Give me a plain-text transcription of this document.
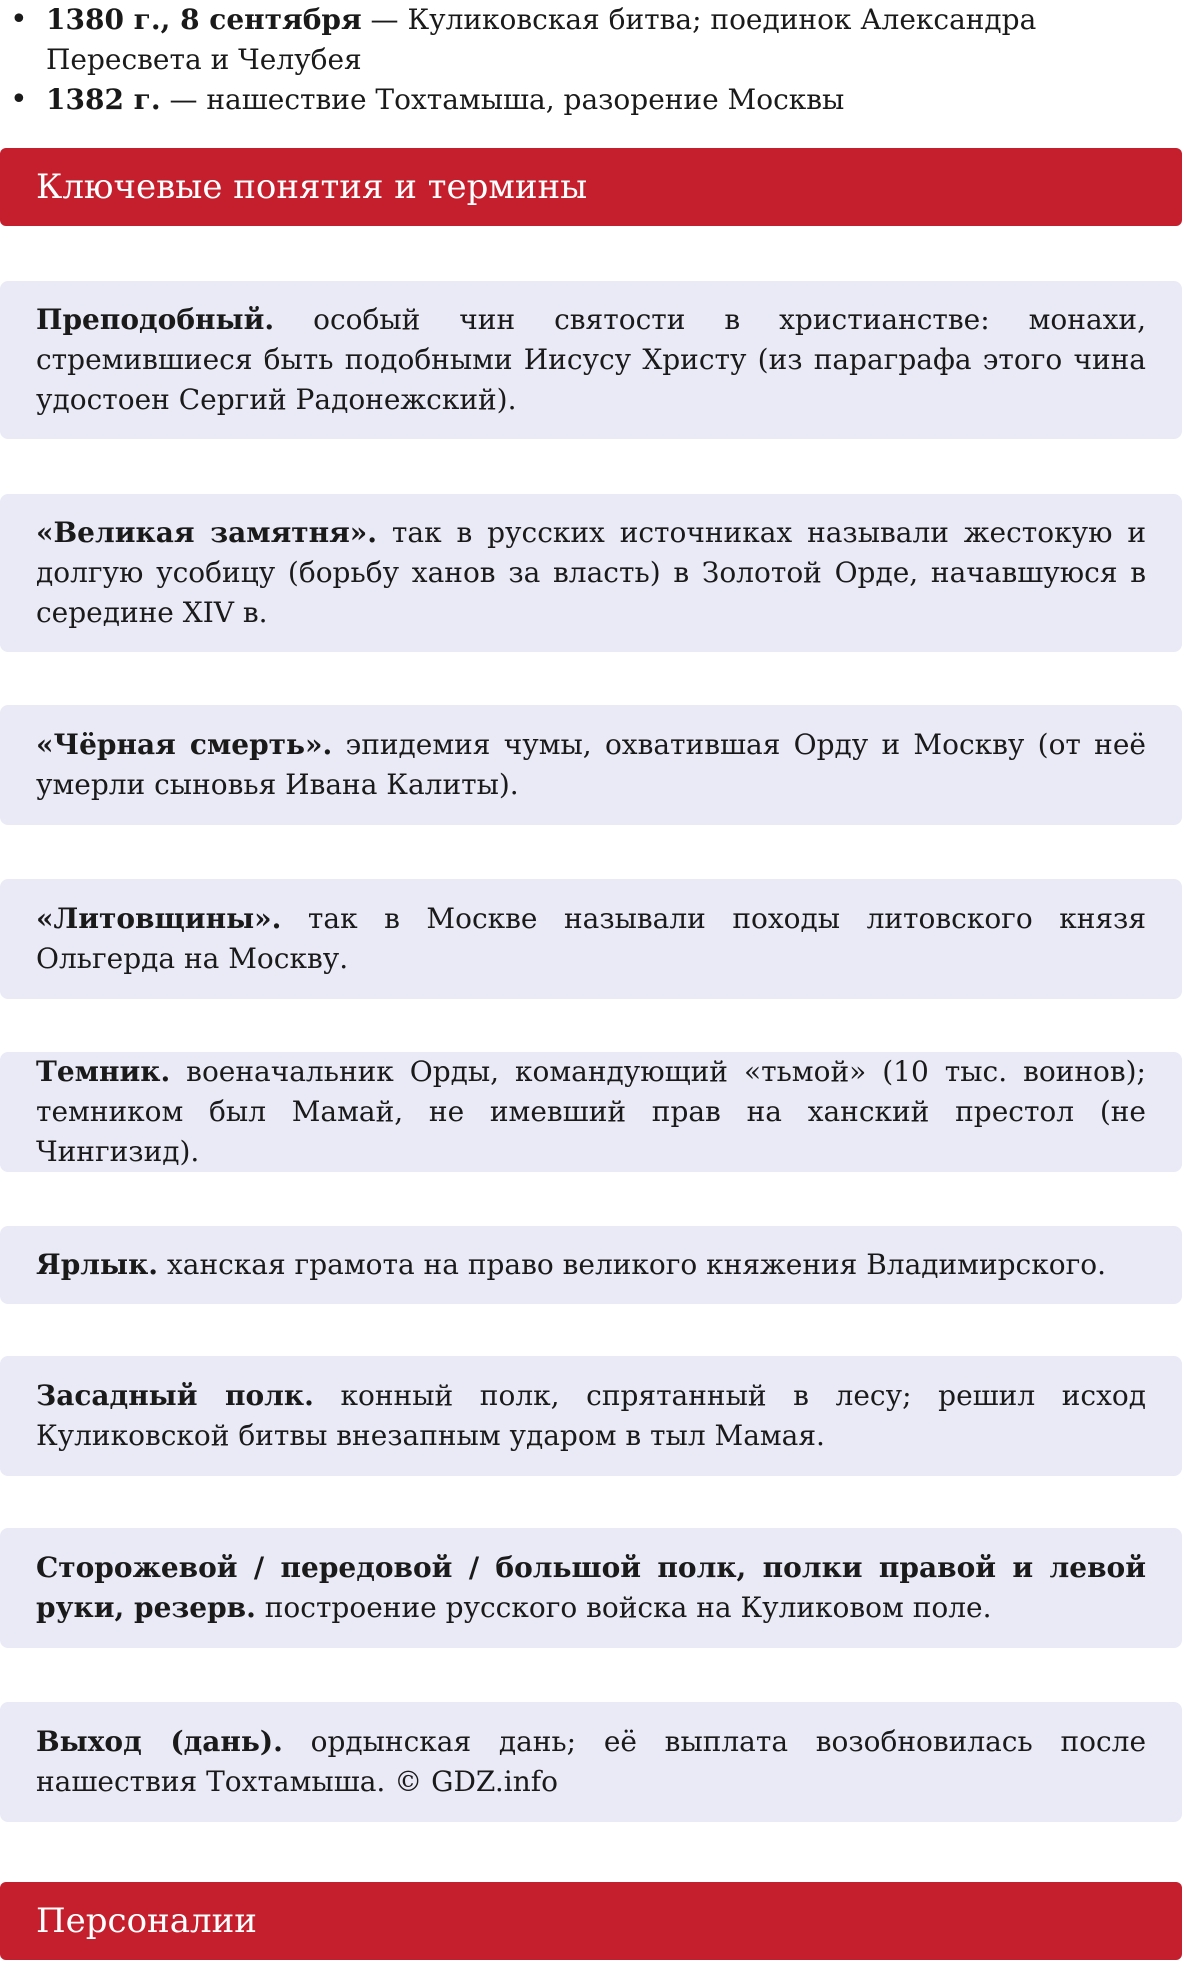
• 1380 г., 8 сентября — Куликовская битва; поединок Александра Пересвета и Челубея
• 1382 г. — нашествие Тохтамыша, разорение Москвы
Ключевые понятия и термины

Преподобный. особый чин святости в христианстве: монахи, стремившиеся быть подобными Иисусу Христу (из параграфа этого чина удостоен Сергий Радонежский).

«Великая замятня». так в русских источниках называли жестокую и долгую усобицу (борьбу ханов за власть) в Золотой Орде, начавшуюся в середине XIV в.

«Чёрная смерть». эпидемия чумы, охватившая Орду и Москву (от неё умерли сыновья Ивана Калиты).

«Литовщины». так в Москве называли походы литовского князя Ольгерда на Москву.

Темник. военачальник Орды, командующий «тьмой» (10 тыс. воинов); темником был Мамай, не имевший прав на ханский престол (не Чингизид).

Ярлык. ханская грамота на право великого княжения Владимирского.

Засадный полк. конный полк, спрятанный в лесу; решил исход Куликовской битвы внезапным ударом в тыл Мамая.

Сторожевой / передовой / большой полк, полки правой и левой руки, резерв. построение русского войска на Куликовом поле.

Выход (дань). ордынская дань; её выплата возобновилась после нашествия Тохтамыша. © GDZ.info

Персоналии
